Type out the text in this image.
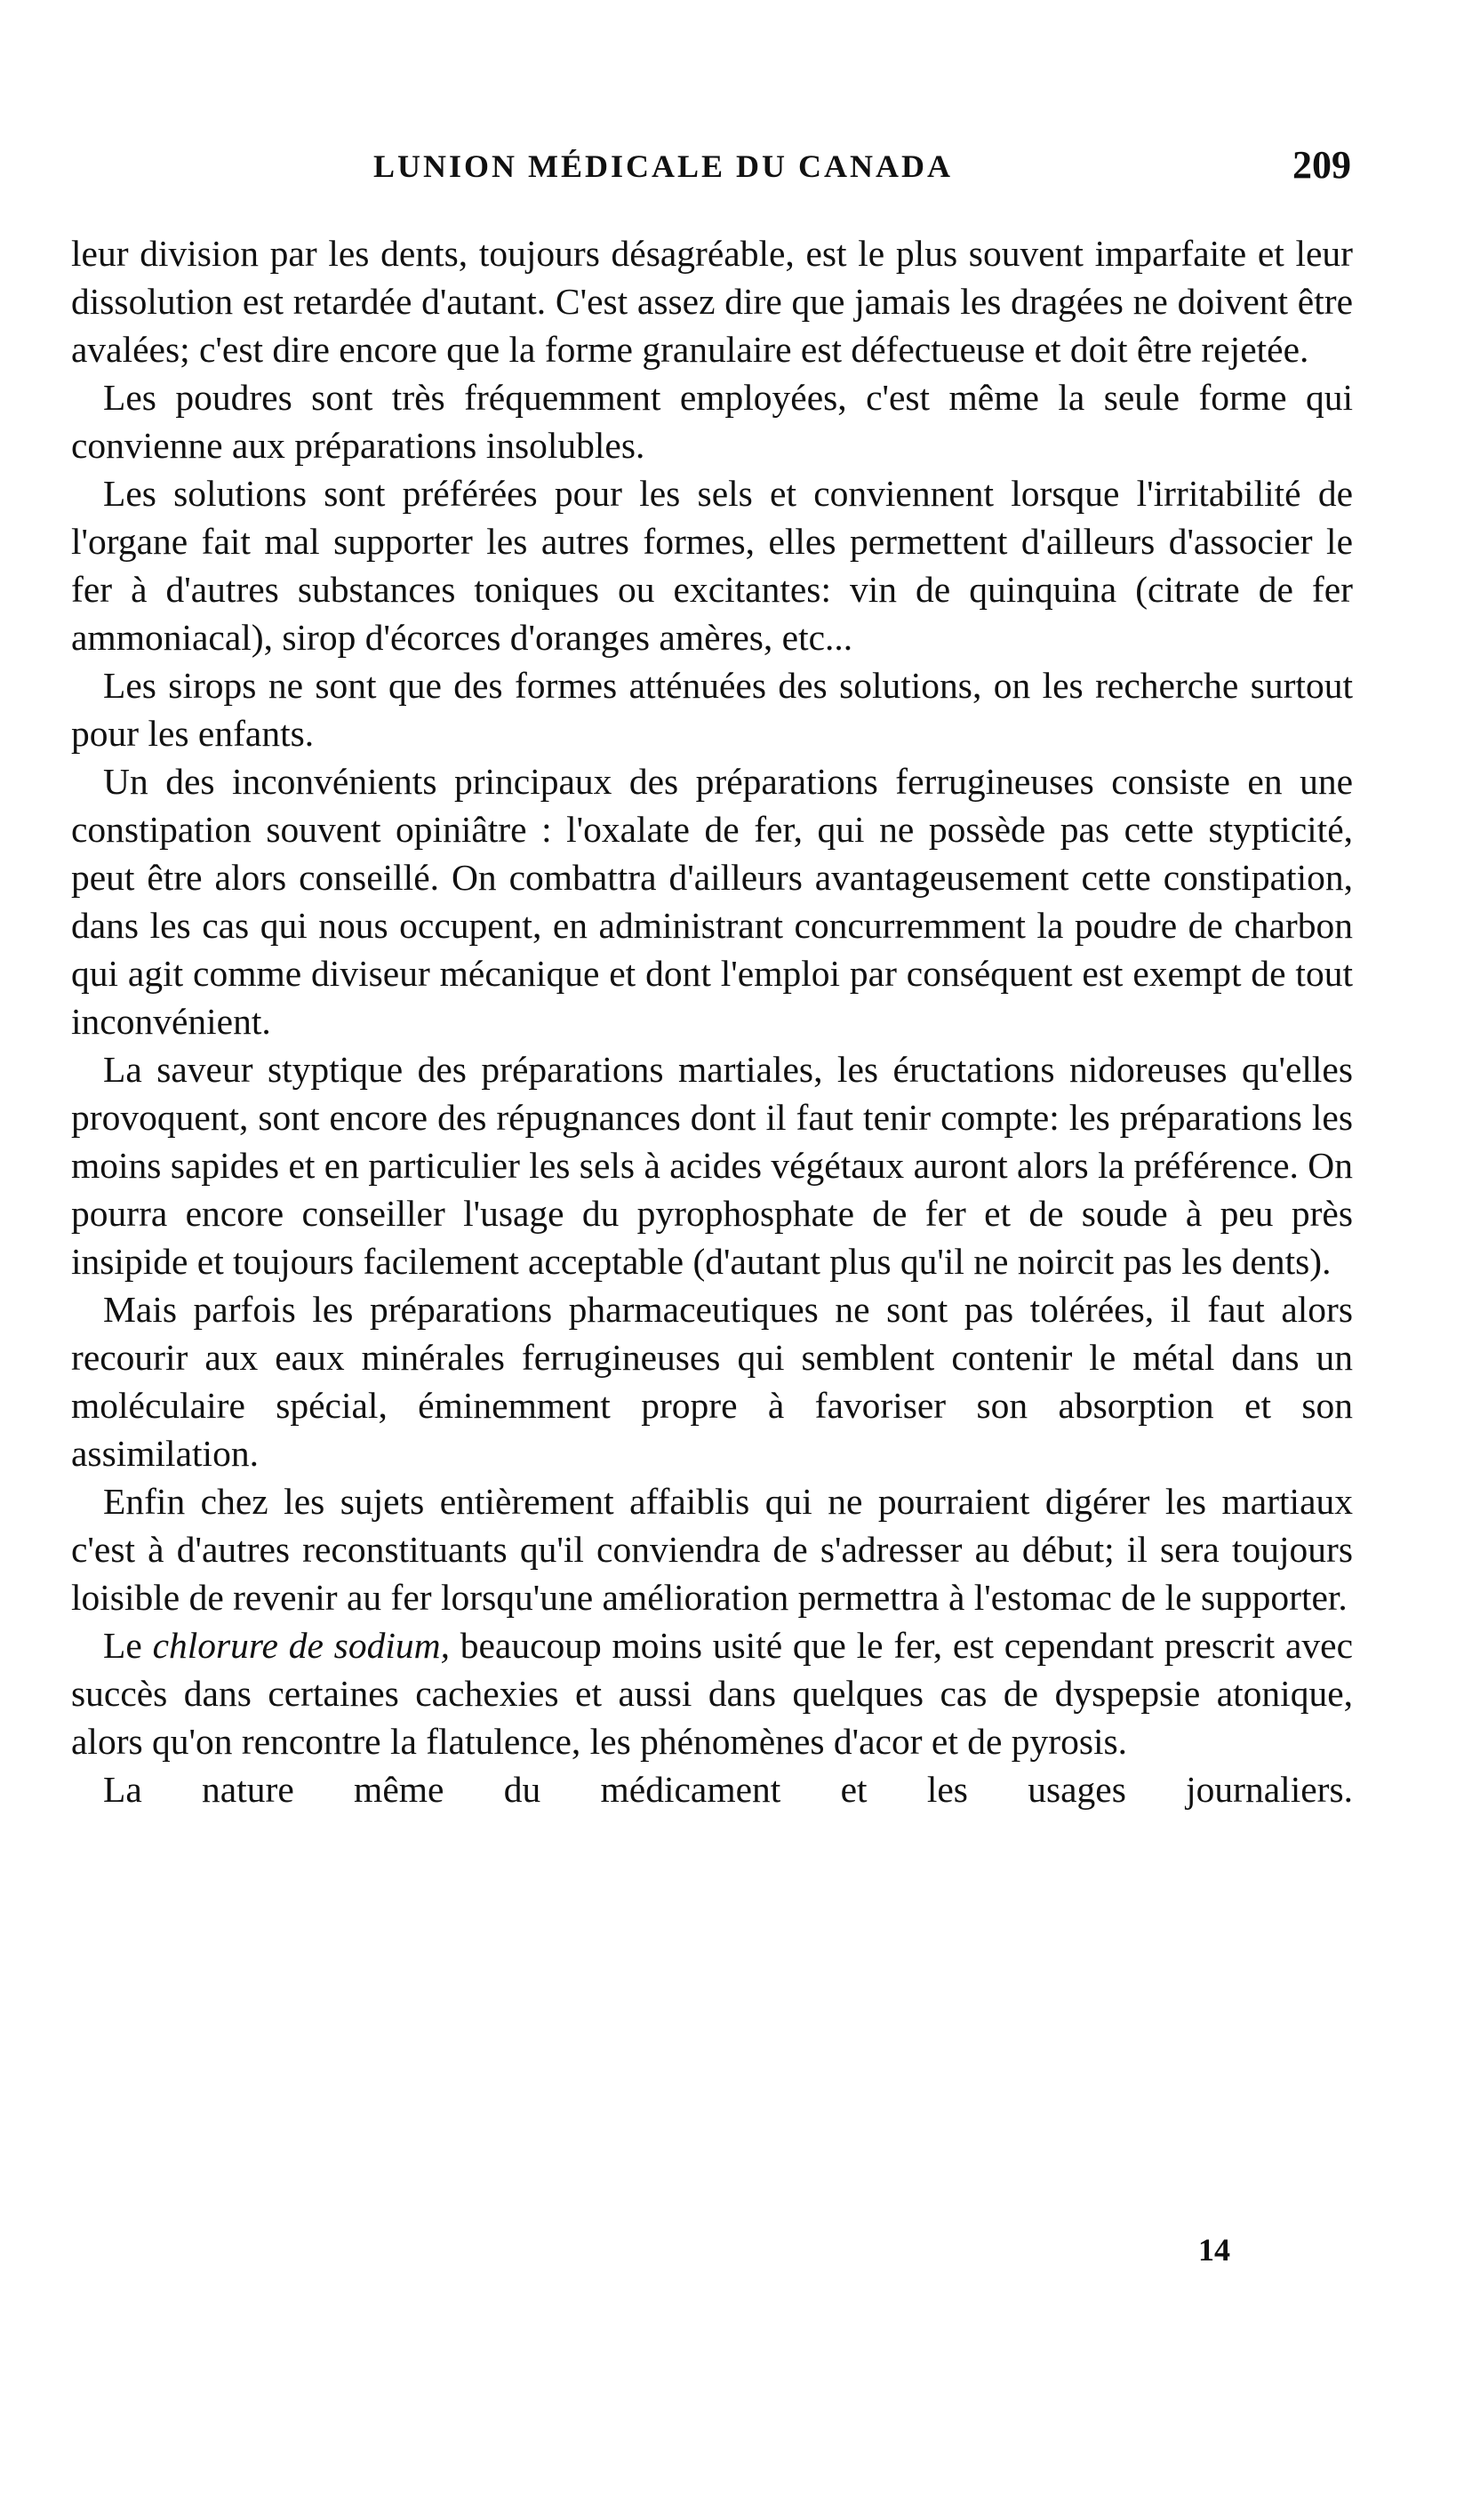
LUNION MÉDICALE DU CANADA	209

leur division par les dents, toujours désagréable, est le plus souvent imparfaite et leur dissolution est retardée d'autant. C'est assez dire que jamais les dragées ne doivent être avalées; c'est dire encore que la forme granulaire est défectueuse et doit être rejetée.

Les poudres sont très fréquemment employées, c'est même la seule forme qui convienne aux préparations insolubles.

Les solutions sont préférées pour les sels et conviennent lorsque l'irritabilité de l'organe fait mal supporter les autres formes, elles permettent d'ailleurs d'associer le fer à d'autres substances toniques ou excitantes: vin de quinquina (citrate de fer ammoniacal), sirop d'écorces d'oranges amères, etc...

Les sirops ne sont que des formes atténuées des solutions, on les recherche surtout pour les enfants.

Un des inconvénients principaux des préparations ferrugineuses consiste en une constipation souvent opiniâtre : l'oxalate de fer, qui ne possède pas cette stypticité, peut être alors conseillé. On combattra d'ailleurs avantageusement cette constipation, dans les cas qui nous occupent, en administrant concurremment la poudre de charbon qui agit comme diviseur mécanique et dont l'emploi par conséquent est exempt de tout inconvénient.

La saveur styptique des préparations martiales, les éructations nidoreuses qu'elles provoquent, sont encore des répugnances dont il faut tenir compte: les préparations les moins sapides et en particulier les sels à acides végétaux auront alors la préférence. On pourra encore conseiller l'usage du pyrophosphate de fer et de soude à peu près insipide et toujours facilement acceptable (d'autant plus qu'il ne noircit pas les dents).

Mais parfois les préparations pharmaceutiques ne sont pas tolérées, il faut alors recourir aux eaux minérales ferrugineuses qui semblent contenir le métal dans un moléculaire spécial, éminemment propre à favoriser son absorption et son assimilation.

Enfin chez les sujets entièrement affaiblis qui ne pourraient digérer les martiaux c'est à d'autres reconstituants qu'il conviendra de s'adresser au début; il sera toujours loisible de revenir au fer lorsqu'une amélioration permettra à l'estomac de le supporter.

Le chlorure de sodium, beaucoup moins usité que le fer, est cependant prescrit avec succès dans certaines cachexies et aussi dans quelques cas de dyspepsie atonique, alors qu'on rencontre la flatulence, les phénomènes d'acor et de pyrosis.

La nature même du médicament et les usages journaliers.

14
